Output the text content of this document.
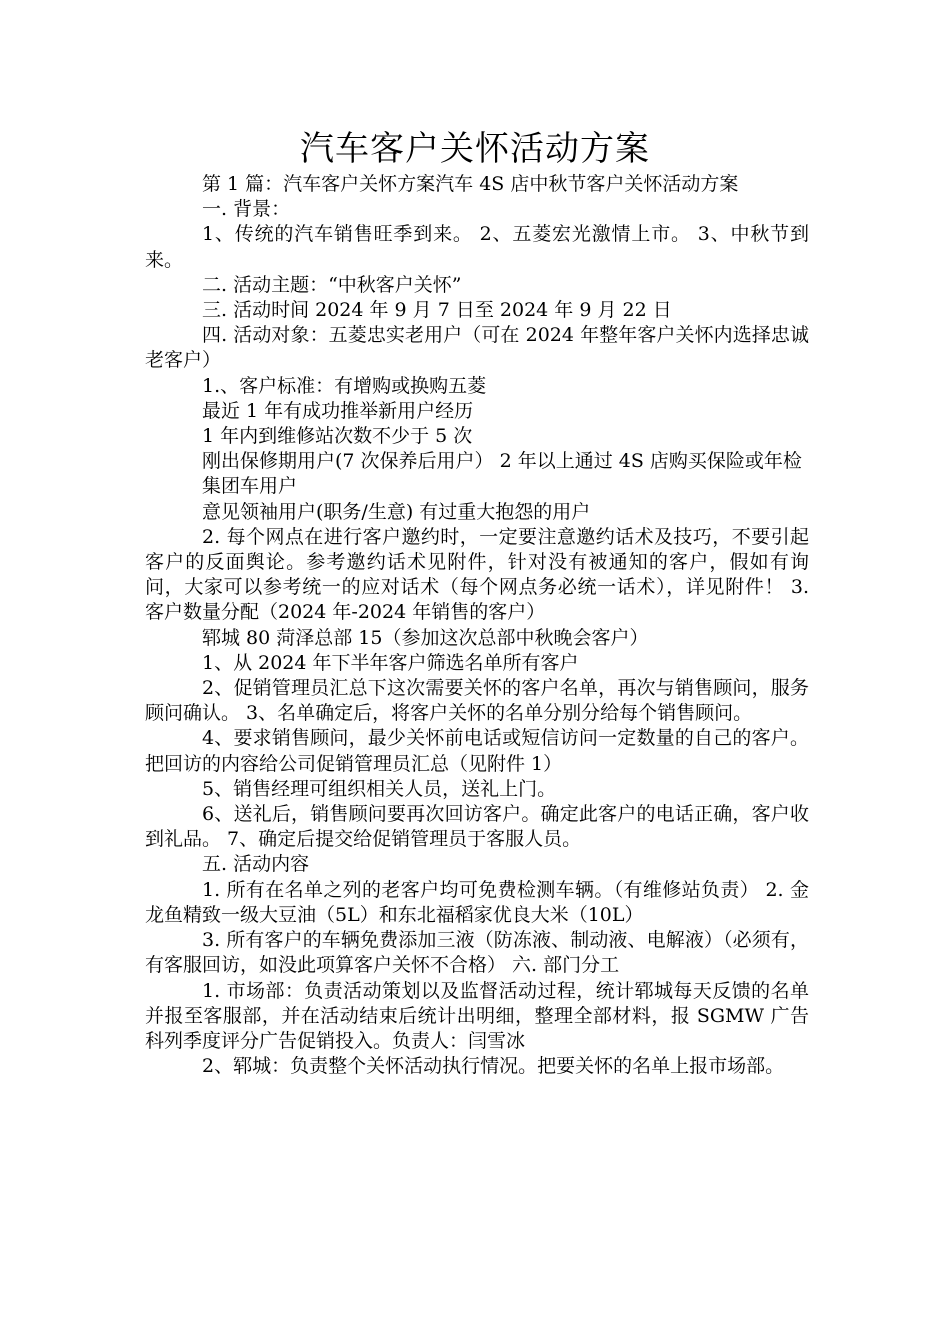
汽车客户关怀活动方案

第 1 篇：汽车客户关怀方案汽车 4S 店中秋节客户关怀活动方案

一. 背景：

1、传统的汽车销售旺季到来。 2、五菱宏光激情上市。 3、中秋节到来。

二. 活动主题：“中秋客户关怀”

三. 活动时间 2024 年 9 月 7 日至 2024 年 9 月 22 日

四. 活动对象：五菱忠实老用户（可在 2024 年整年客户关怀内选择忠诚老客户）

1.、客户标准：有增购或换购五菱

最近 1 年有成功推举新用户经历

1 年内到维修站次数不少于 5 次

刚出保修期用户(7 次保养后用户） 2 年以上通过 4S 店购买保险或年检

集团车用户

意见领袖用户(职务/生意) 有过重大抱怨的用户

2. 每个网点在进行客户邀约时，一定要注意邀约话术及技巧，不要引起客户的反面舆论。参考邀约话术见附件，针对没有被通知的客户，假如有询问，大家可以参考统一的应对话术（每个网点务必统一话术），详见附件！ 3. 客户数量分配（2024 年-2024 年销售的客户）

郓城 80 菏泽总部 15（参加这次总部中秋晚会客户）

1、从 2024 年下半年客户筛选名单所有客户

2、促销管理员汇总下这次需要关怀的客户名单，再次与销售顾问，服务顾问确认。 3、名单确定后，将客户关怀的名单分别分给每个销售顾问。

4、要求销售顾问，最少关怀前电话或短信访问一定数量的自己的客户。把回访的内容给公司促销管理员汇总（见附件 1）

5、销售经理可组织相关人员，送礼上门。

6、送礼后，销售顾问要再次回访客户。确定此客户的电话正确，客户收到礼品。 7、确定后提交给促销管理员于客服人员。

五. 活动内容

1. 所有在名单之列的老客户均可免费检测车辆。（有维修站负责） 2. 金龙鱼精致一级大豆油（5L）和东北福稻家优良大米（10L）

3. 所有客户的车辆免费添加三液（防冻液、制动液、电解液）（必须有，有客服回访，如没此项算客户关怀不合格） 六. 部门分工

1. 市场部：负责活动策划以及监督活动过程，统计郓城每天反馈的名单并报至客服部，并在活动结束后统计出明细，整理全部材料，报 SGMW 广告科列季度评分广告促销投入。负责人：闫雪冰

2、郓城：负责整个关怀活动执行情况。把要关怀的名单上报市场部。
